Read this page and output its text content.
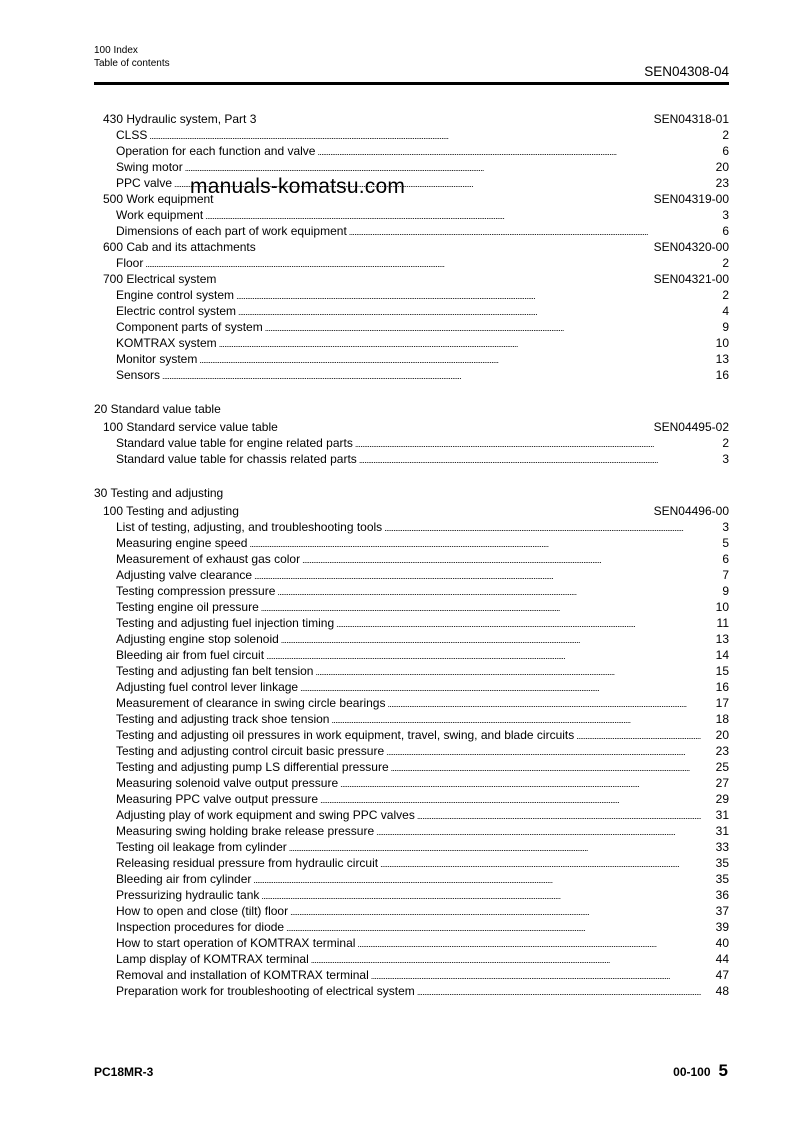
100 Index
Table of contents
SEN04308-04
manuals-komatsu.com
430 Hydraulic system, Part 3	SEN04318-01
CLSS . . .	2
Operation for each function and valve . . .	6
Swing motor . . .	20
PPC valve . . .	23
500 Work equipment	SEN04319-00
Work equipment . . .	3
Dimensions of each part of work equipment . . .	6
600 Cab and its attachments	SEN04320-00
Floor . . .	2
700 Electrical system	SEN04321-00
Engine control system . . .	2
Electric control system . . .	4
Component parts of system . . .	9
KOMTRAX system . . .	10
Monitor system . . .	13
Sensors . . .	16
20 Standard value table
100 Standard service value table	SEN04495-02
Standard value table for engine related parts . . .	2
Standard value table for chassis related parts . . .	3
30 Testing and adjusting
100 Testing and adjusting	SEN04496-00
List of testing, adjusting, and troubleshooting tools . . .	3
Measuring engine speed . . .	5
Measurement of exhaust gas color . . .	6
Adjusting valve clearance . . .	7
Testing compression pressure . . .	9
Testing engine oil pressure . . .	10
Testing and adjusting fuel injection timing . . .	11
Adjusting engine stop solenoid . . .	13
Bleeding air from fuel circuit . . .	14
Testing and adjusting fan belt tension . . .	15
Adjusting fuel control lever linkage . . .	16
Measurement of clearance in swing circle bearings . . .	17
Testing and adjusting track shoe tension . . .	18
Testing and adjusting oil pressures in work equipment, travel, swing, and blade circuits . . .	20
Testing and adjusting control circuit basic pressure . . .	23
Testing and adjusting pump LS differential pressure . . .	25
Measuring solenoid valve output pressure . . .	27
Measuring PPC valve output pressure . . .	29
Adjusting play of work equipment and swing PPC valves . . .	31
Measuring swing holding brake release pressure . . .	31
Testing oil leakage from cylinder . . .	33
Releasing residual pressure from hydraulic circuit . . .	35
Bleeding air from cylinder . . .	35
Pressurizing hydraulic tank . . .	36
How to open and close (tilt) floor . . .	37
Inspection procedures for diode . . .	39
How to start operation of KOMTRAX terminal . . .	40
Lamp display of KOMTRAX terminal . . .	44
Removal and installation of KOMTRAX terminal . . .	47
Preparation work for troubleshooting of electrical system . . .	48
PC18MR-3	00-100 5
